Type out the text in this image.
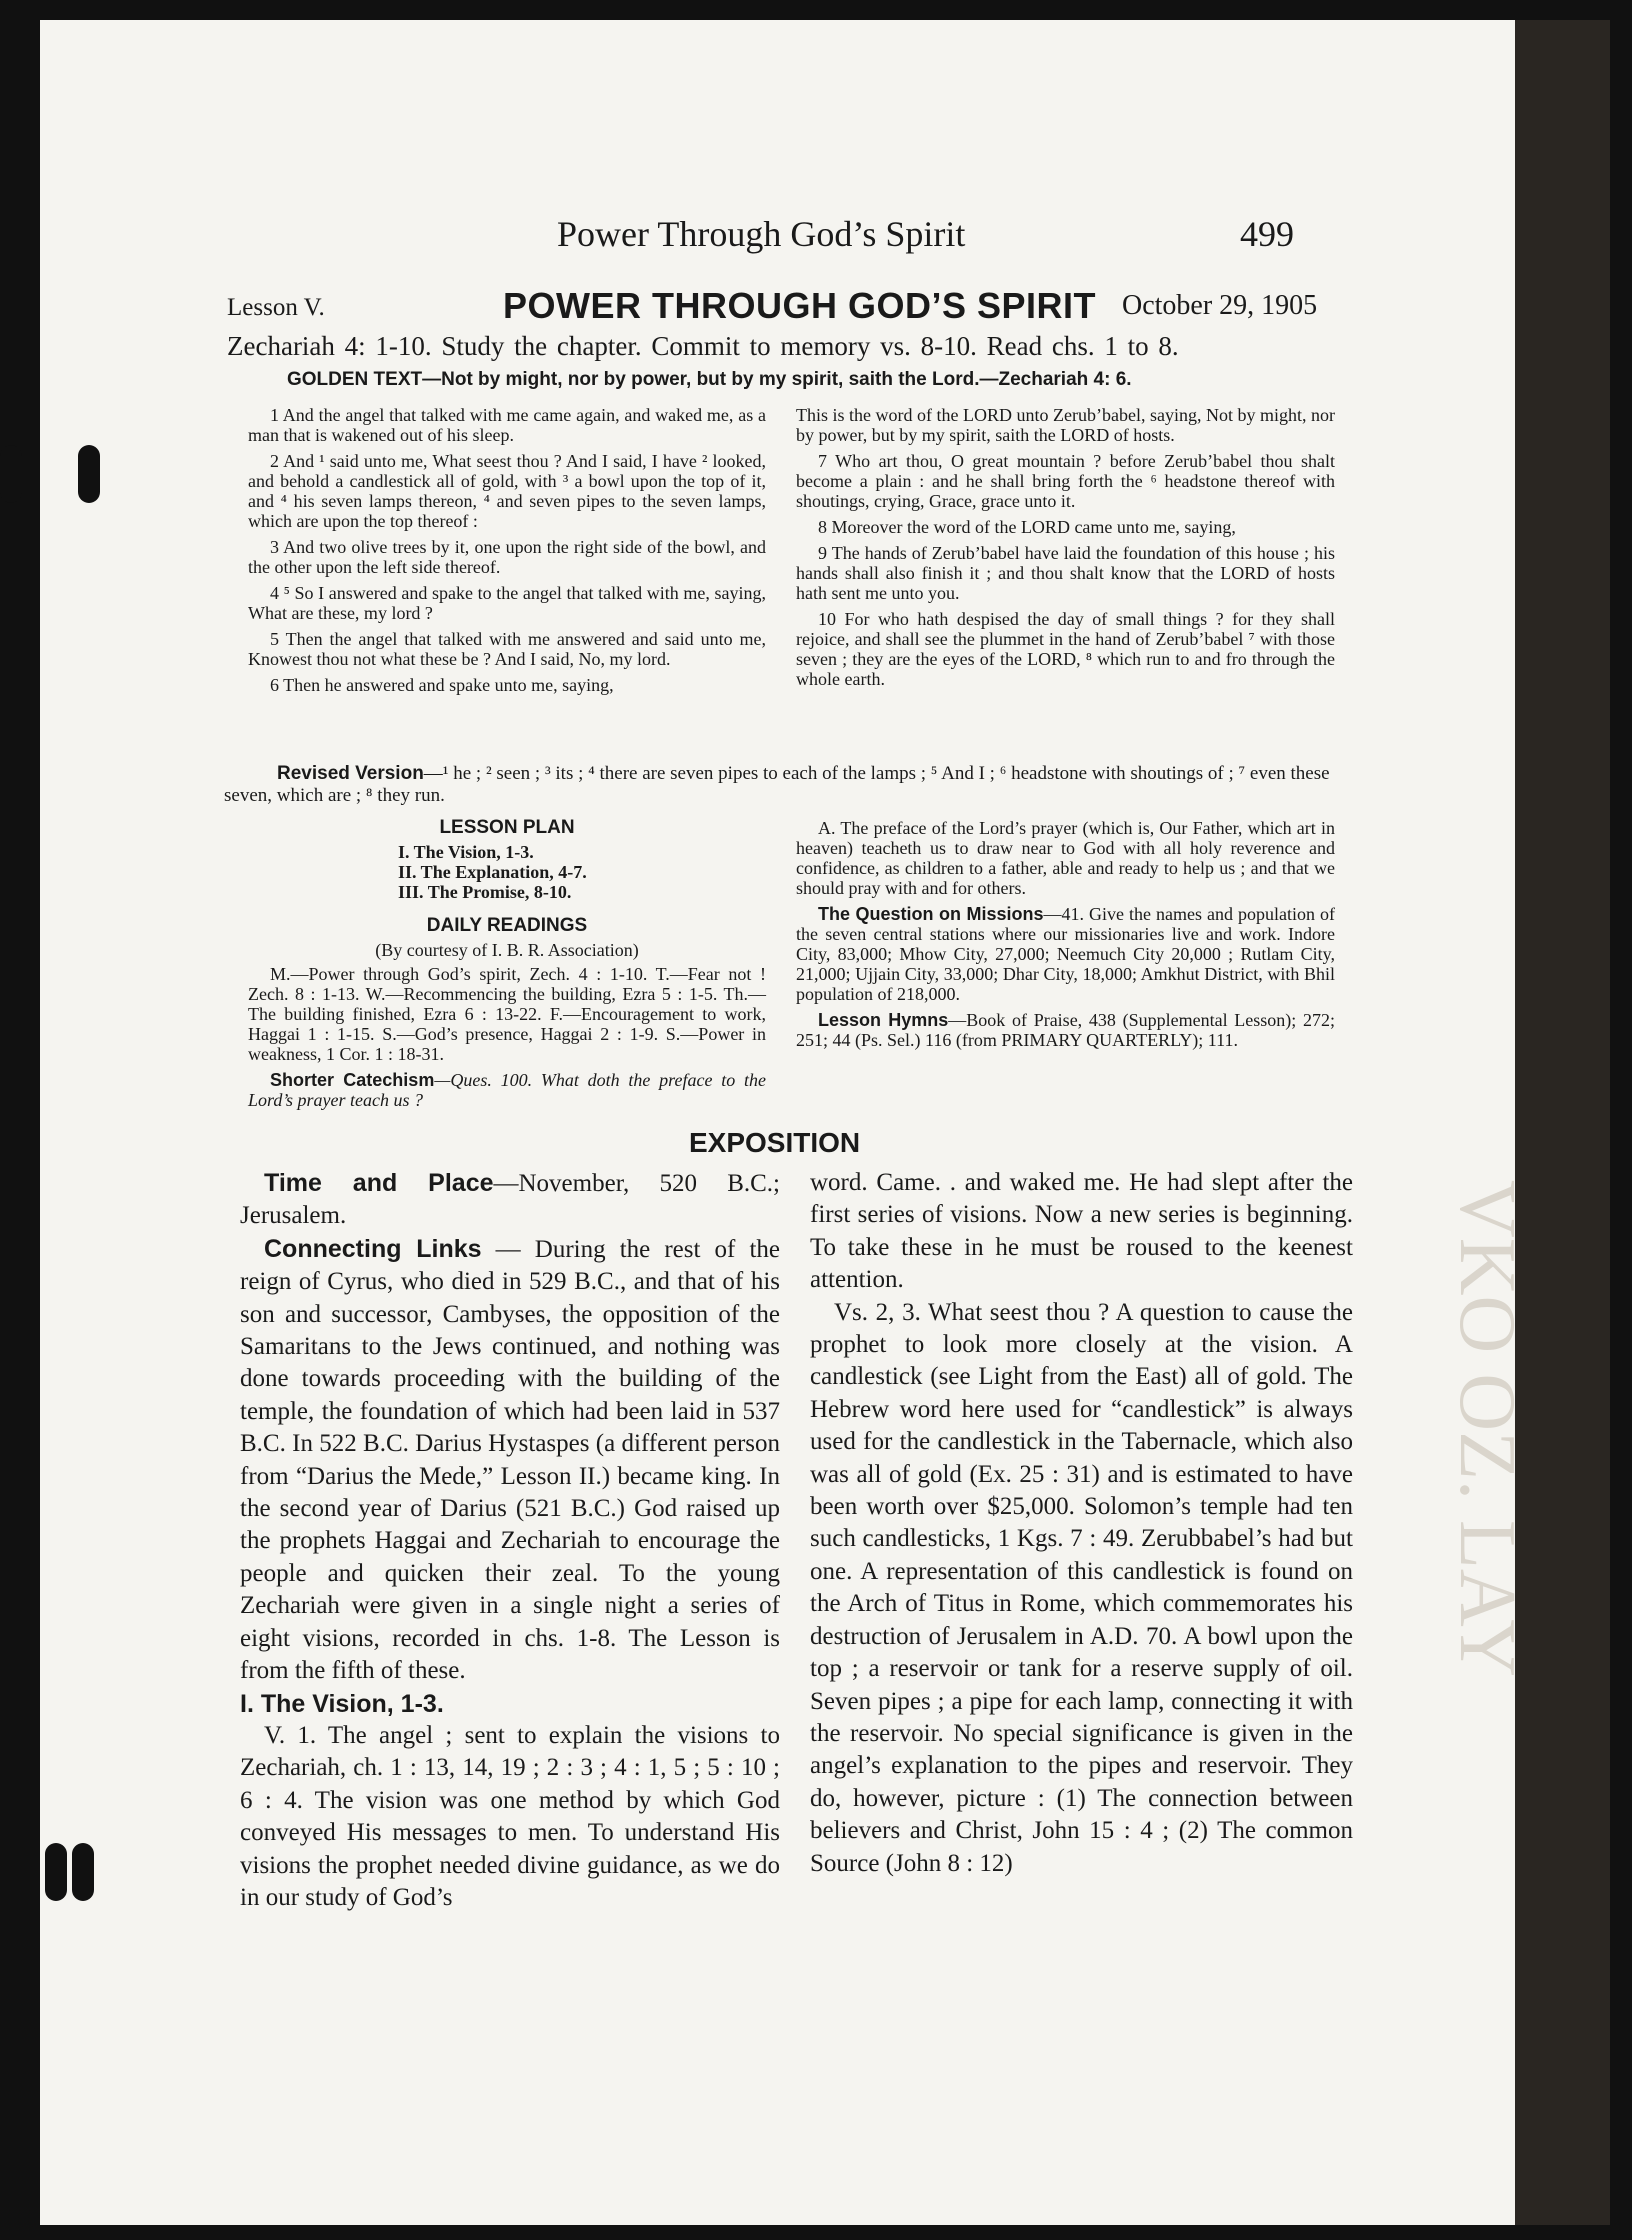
VKO OZ. LAY
Power Through God’s Spirit	499
Lesson V.	POWER THROUGH GOD’S SPIRIT October 29, 1905
Zechariah 4: 1-10. Study the chapter. Commit to memory vs. 8-10. Read chs. 1 to 8.
GOLDEN TEXT—Not by might, nor by power, but by my spirit, saith the Lord.—Zechariah 4: 6.

1 And the angel that talked with me came again, and waked me, as a man that is wakened out of his sleep.

2 And ¹ said unto me, What seest thou ? And I said, I have ² looked, and behold a candlestick all of gold, with ³ a bowl upon the top of it, and ⁴ his seven lamps thereon, ⁴ and seven pipes to the seven lamps, which are upon the top thereof :

3 And two olive trees by it, one upon the right side of the bowl, and the other upon the left side thereof.

4 ⁵ So I answered and spake to the angel that talked with me, saying, What are these, my lord ?

5 Then the angel that talked with me answered and said unto me, Knowest thou not what these be ? And I said, No, my lord.

6 Then he answered and spake unto me, saying,

This is the word of the LORD unto Zerub’babel, saying, Not by might, nor by power, but by my spirit, saith the LORD of hosts.

7 Who art thou, O great mountain ? before Zerub’babel thou shalt become a plain : and he shall bring forth the ⁶ headstone thereof with shoutings, crying, Grace, grace unto it.

8 Moreover the word of the LORD came unto me, saying,

9 The hands of Zerub’babel have laid the foundation of this house ; his hands shall also finish it ; and thou shalt know that the LORD of hosts hath sent me unto you.

10 For who hath despised the day of small things ? for they shall rejoice, and shall see the plummet in the hand of Zerub’babel ⁷ with those seven ; they are the eyes of the LORD, ⁸ which run to and fro through the whole earth.

Revised Version—¹ he ; ² seen ; ³ its ; ⁴ there are seven pipes to each of the lamps ; ⁵ And I ; ⁶ headstone with shoutings of ; ⁷ even these seven, which are ; ⁸ they run.
LESSON PLAN
I. The Vision, 1-3.
II. The Explanation, 4-7.
III. The Promise, 8-10.
DAILY READINGS
(By courtesy of I. B. R. Association)

M.—Power through God’s spirit, Zech. 4 : 1-10. T.—Fear not ! Zech. 8 : 1-13. W.—Recommencing the building, Ezra 5 : 1-5. Th.—The building finished, Ezra 6 : 13-22. F.—Encouragement to work, Haggai 1 : 1-15. S.—God’s presence, Haggai 2 : 1-9. S.—Power in weakness, 1 Cor. 1 : 18-31.

Shorter Catechism—Ques. 100. What doth the preface to the Lord’s prayer teach us ?

A. The preface of the Lord’s prayer (which is, Our Father, which art in heaven) teacheth us to draw near to God with all holy reverence and confidence, as children to a father, able and ready to help us ; and that we should pray with and for others.

The Question on Missions—41. Give the names and population of the seven central stations where our missionaries live and work. Indore City, 83,000; Mhow City, 27,000; Neemuch City 20,000 ; Rutlam City, 21,000; Ujjain City, 33,000; Dhar City, 18,000; Amkhut District, with Bhil population of 218,000.

Lesson Hymns—Book of Praise, 438 (Supplemental Lesson); 272; 251; 44 (Ps. Sel.) 116 (from PRIMARY QUARTERLY); 111.

EXPOSITION

Time and Place—November, 520 B.C.; Jerusalem.

Connecting Links — During the rest of the reign of Cyrus, who died in 529 B.C., and that of his son and successor, Cambyses, the opposition of the Samaritans to the Jews continued, and nothing was done towards proceeding with the building of the temple, the foundation of which had been laid in 537 B.C. In 522 B.C. Darius Hystaspes (a different person from “Darius the Mede,” Lesson II.) became king. In the second year of Darius (521 B.C.) God raised up the prophets Haggai and Zechariah to encourage the people and quicken their zeal. To the young Zechariah were given in a single night a series of eight visions, recorded in chs. 1-8. The Lesson is from the fifth of these.

I. The Vision, 1-3.

V. 1. The angel ; sent to explain the visions to Zechariah, ch. 1 : 13, 14, 19 ; 2 : 3 ; 4 : 1, 5 ; 5 : 10 ; 6 : 4. The vision was one method by which God conveyed His messages to men. To understand His visions the prophet needed divine guidance, as we do in our study of God’s

word. Came. . and waked me. He had slept after the first series of visions. Now a new series is beginning. To take these in he must be roused to the keenest attention.

Vs. 2, 3. What seest thou ? A question to cause the prophet to look more closely at the vision. A candlestick (see Light from the East) all of gold. The Hebrew word here used for “candlestick” is always used for the candlestick in the Tabernacle, which also was all of gold (Ex. 25 : 31) and is estimated to have been worth over $25,000. Solomon’s temple had ten such candlesticks, 1 Kgs. 7 : 49. Zerubbabel’s had but one. A representation of this candlestick is found on the Arch of Titus in Rome, which commemorates his destruction of Jerusalem in A.D. 70. A bowl upon the top ; a reservoir or tank for a reserve supply of oil. Seven pipes ; a pipe for each lamp, connecting it with the reservoir. No special significance is given in the angel’s explanation to the pipes and reservoir. They do, however, picture : (1) The connection between believers and Christ, John 15 : 4 ; (2) The common Source (John 8 : 12)
